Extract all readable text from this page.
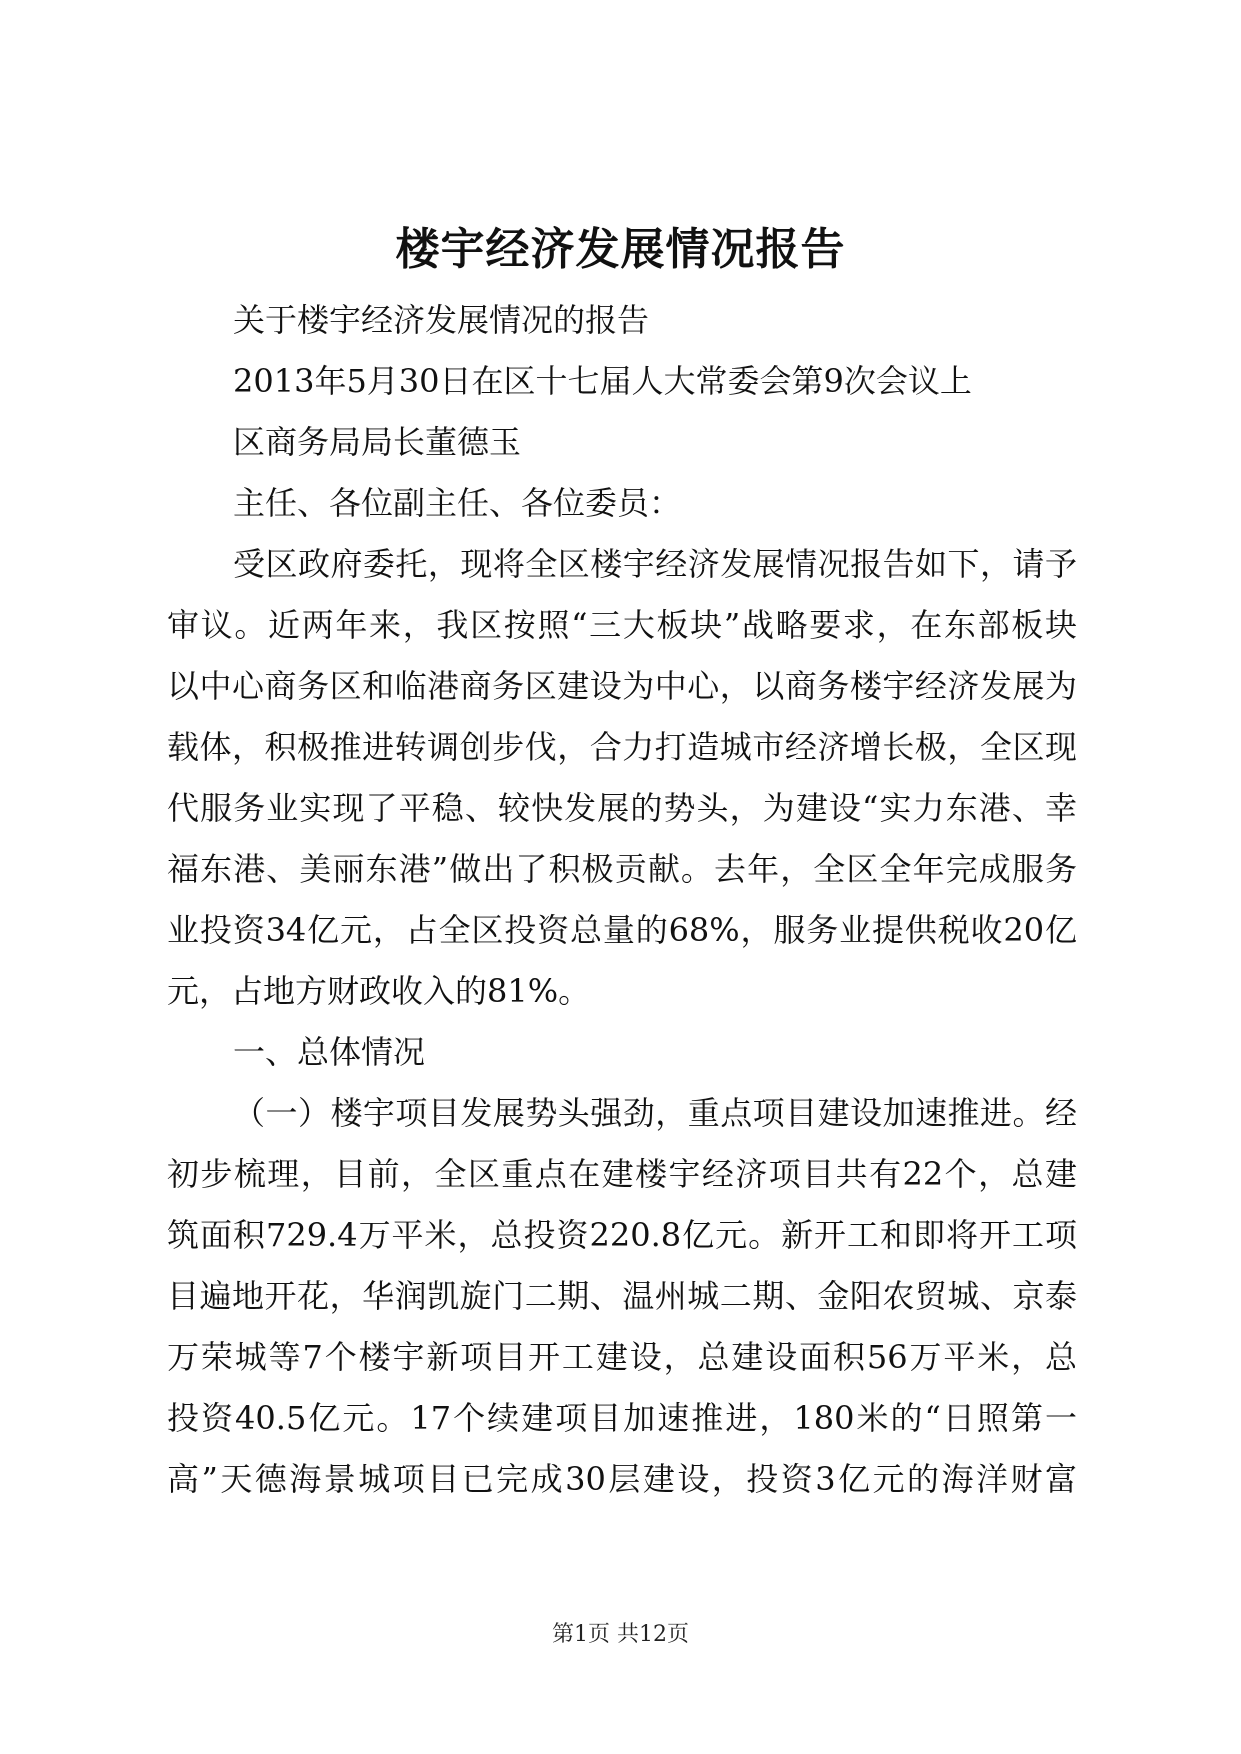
楼宇经济发展情况报告
关于楼宇经济发展情况的报告
2013年5月30日在区十七届人大常委会第9次会议上
区商务局局长董德玉
主任、各位副主任、各位委员：
受区政府委托，现将全区楼宇经济发展情况报告如下，请予
审议。近两年来，我区按照“三大板块”战略要求，在东部板块
以中心商务区和临港商务区建设为中心，以商务楼宇经济发展为
载体，积极推进转调创步伐，合力打造城市经济增长极，全区现
代服务业实现了平稳、较快发展的势头，为建设“实力东港、幸
福东港、美丽东港”做出了积极贡献。去年，全区全年完成服务
业投资34亿元，占全区投资总量的68%，服务业提供税收20亿
元，占地方财政收入的81%。
一、总体情况
（一）楼宇项目发展势头强劲，重点项目建设加速推进。经
初步梳理，目前，全区重点在建楼宇经济项目共有22个，总建
筑面积729.4万平米，总投资220.8亿元。新开工和即将开工项
目遍地开花，华润凯旋门二期、温州城二期、金阳农贸城、京泰
万荣城等7个楼宇新项目开工建设，总建设面积56万平米，总
投资40.5亿元。17个续建项目加速推进，180米的“日照第一
高”天德海景城项目已完成30层建设，投资3亿元的海洋财富
第1页 共12页
